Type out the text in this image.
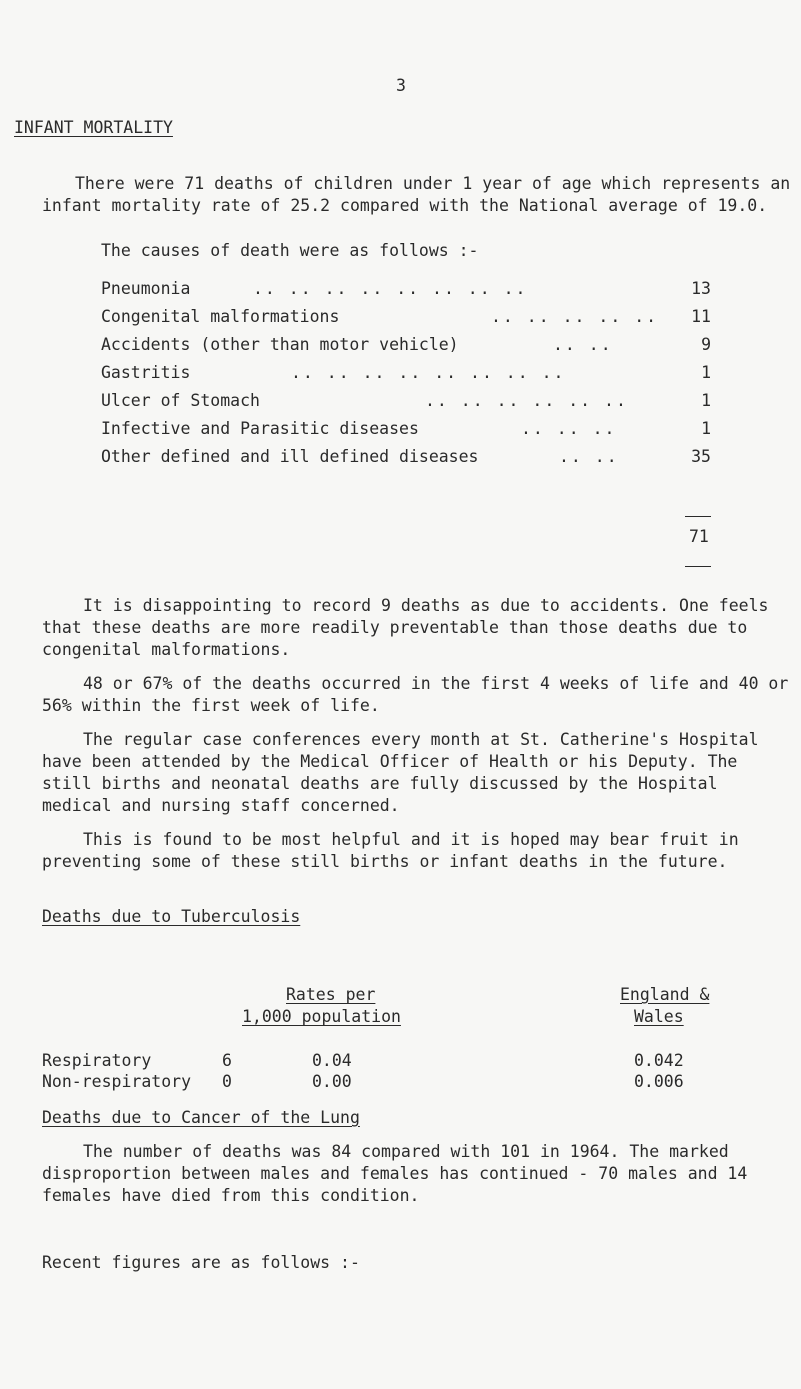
3
INFANT MORTALITY
There were 71 deaths of children under 1 year of age which represents an infant mortality rate of 25.2 compared with the National average of 19.0.
The causes of death were as follows :-
Pneumonia	.. .. .. .. .. .. .. ..	13
Congenital malformations	.. .. .. .. .. 11
Accidents (other than motor vehicle)	.. ..	9
Gastritis	.. .. .. .. .. .. .. ..	1
Ulcer of Stomach	.. .. .. .. .. ..	1
Infective and Parasitic diseases	.. .. ..	1
Other defined and ill defined diseases	.. ..	35
71
It is disappointing to record 9 deaths as due to accidents. One feels that these deaths are more readily preventable than those deaths due to congenital malformations.
48 or 67% of the deaths occurred in the first 4 weeks of life and 40 or 56% within the first week of life.
The regular case conferences every month at St. Catherine's Hospital have been attended by the Medical Officer of Health or his Deputy. The still births and neonatal deaths are fully discussed by the Hospital medical and nursing staff concerned.
This is found to be most helpful and it is hoped may bear fruit in preventing some of these still births or infant deaths in the future.
Deaths due to Tuberculosis
Rates per
1,000 population
England &
Wales
Respiratory	6	0.04	0.042
Non-respiratory 0	0.00	0.006
Deaths due to Cancer of the Lung
The number of deaths was 84 compared with 101 in 1964. The marked disproportion between males and females has continued - 70 males and 14 females have died from this condition.
Recent figures are as follows :-
